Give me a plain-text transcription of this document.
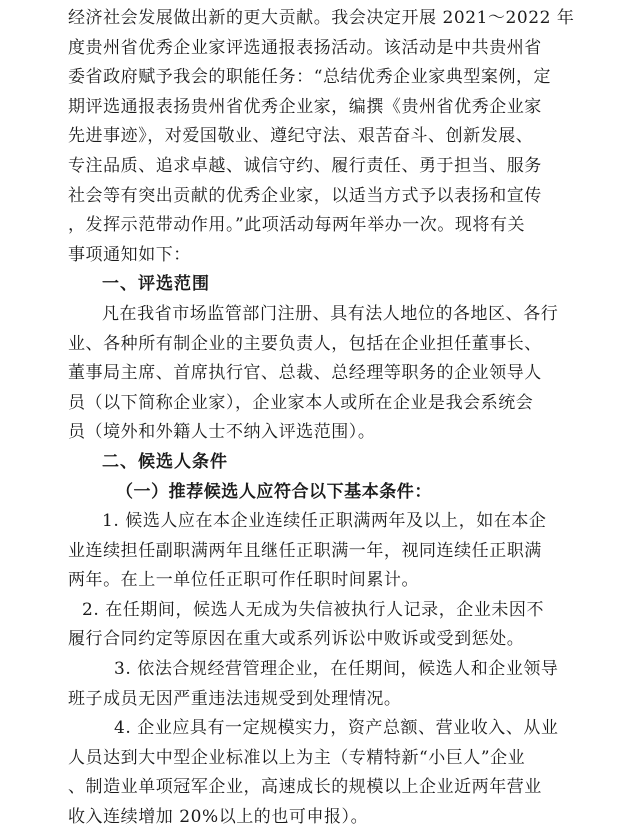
经济社会发展做出新的更大贡献。我会决定开展 2021～2022 年
度贵州省优秀企业家评选通报表扬活动。该活动是中共贵州省
委省政府赋予我会的职能任务：“总结优秀企业家典型案例，定
期评选通报表扬贵州省优秀企业家，编撰《贵州省优秀企业家
先进事迹》，对爱国敬业、遵纪守法、艰苦奋斗、创新发展、
专注品质、追求卓越、诚信守约、履行责任、勇于担当、服务
社会等有突出贡献的优秀企业家，以适当方式予以表扬和宣传
，发挥示范带动作用。”此项活动每两年举办一次。现将有关
事项通知如下：
一、评选范围
凡在我省市场监管部门注册、具有法人地位的各地区、各行
业、各种所有制企业的主要负责人，包括在企业担任董事长、
董事局主席、首席执行官、总裁、总经理等职务的企业领导人
员（以下简称企业家），企业家本人或所在企业是我会系统会
员（境外和外籍人士不纳入评选范围）。
二、候选人条件
（一）推荐候选人应符合以下基本条件：
1. 候选人应在本企业连续任正职满两年及以上，如在本企
业连续担任副职满两年且继任正职满一年，视同连续任正职满
两年。在上一单位任正职可作任职时间累计。
2. 在任期间，候选人无成为失信被执行人记录，企业未因不
履行合同约定等原因在重大或系列诉讼中败诉或受到惩处。
3. 依法合规经营管理企业，在任期间，候选人和企业领导
班子成员无因严重违法违规受到处理情况。
4. 企业应具有一定规模实力，资产总额、营业收入、从业
人员达到大中型企业标准以上为主（专精特新“小巨人”企业
、制造业单项冠军企业，高速成长的规模以上企业近两年营业
收入连续增加 20%以上的也可申报）。
